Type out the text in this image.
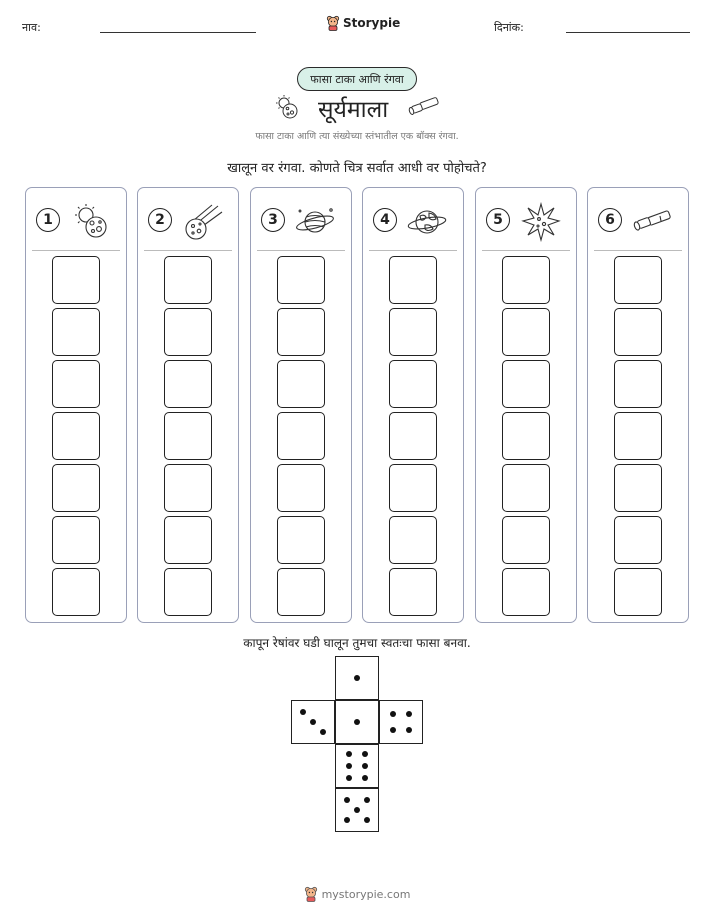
नाव:	Storypie	दिनांक:
फासा टाका आणि रंगवा
सूर्यमाला
फासा टाका आणि त्या संख्येच्या स्तंभातील एक बॉक्स रंगवा.
खालून वर रंगवा. कोणते चित्र सर्वात आधी वर पोहोचते?
1	2	3	4	5	6
कापून रेषांवर घडी घालून तुमचा स्वतःचा फासा बनवा.
mystorypie.com
